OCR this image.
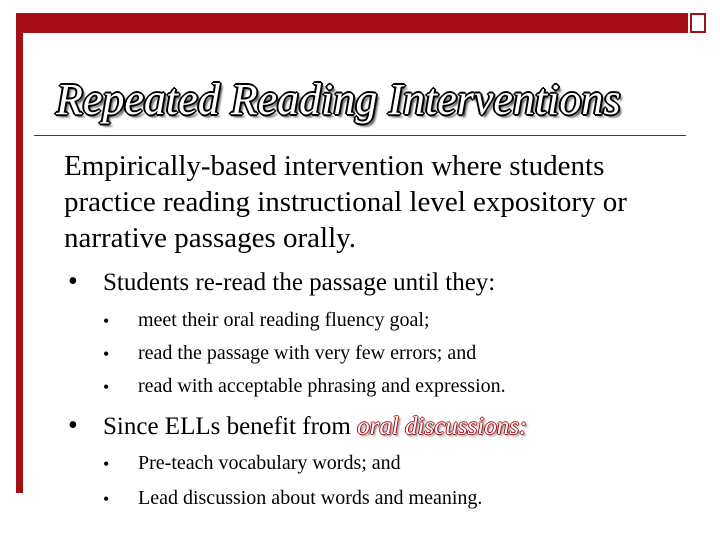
Repeated Reading Interventions

Empirically-based intervention where students practice reading instructional level expository or narrative passages orally.

• Students re-read the passage until they:
• meet their oral reading fluency goal;
• read the passage with very few errors; and
• read with acceptable phrasing and expression.
• Since ELLs benefit from oral discussions:
• Pre-teach vocabulary words; and
• Lead discussion about words and meaning.
